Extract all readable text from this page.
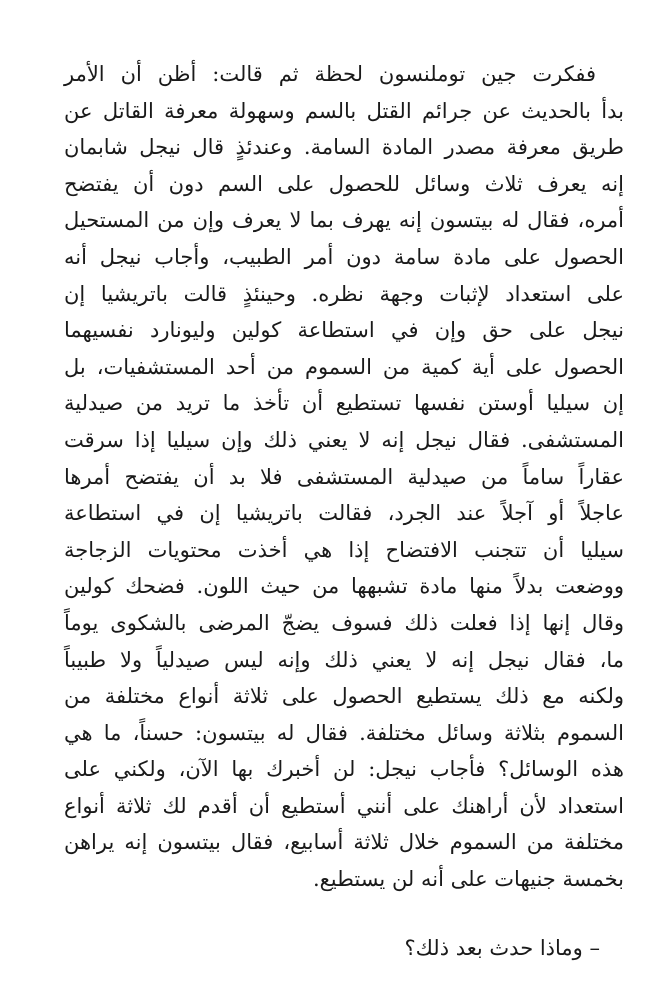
ففكرت جين توملنسون لحظة ثم قالت: أظن أن الأمر
بدأ بالحديث عن جرائم القتل بالسم وسهولة معرفة القاتل عن
طريق معرفة مصدر المادة السامة. وعندئذٍ قال نيجل شابمان
إنه يعرف ثلاث وسائل للحصول على السم دون أن يفتضح
أمره، فقال له بيتسون إنه يهرف بما لا يعرف وإن من المستحيل
الحصول على مادة سامة دون أمر الطبيب، وأجاب نيجل أنه
على استعداد لإثبات وجهة نظره. وحينئذٍ قالت باتريشيا إن
نيجل على حق وإن في استطاعة كولين وليونارد نفسيهما
الحصول على أية كمية من السموم من أحد المستشفيات، بل
إن سيليا أوستن نفسها تستطيع أن تأخذ ما تريد من صيدلية
المستشفى. فقال نيجل إنه لا يعني ذلك وإن سيليا إذا سرقت
عقاراً ساماً من صيدلية المستشفى فلا بد أن يفتضح أمرها
عاجلاً أو آجلاً عند الجرد، فقالت باتريشيا إن في استطاعة
سيليا أن تتجنب الافتضاح إذا هي أخذت محتويات الزجاجة
ووضعت بدلاً منها مادة تشبهها من حيث اللون. فضحك كولين
وقال إنها إذا فعلت ذلك فسوف يضجّ المرضى بالشكوى يوماً
ما، فقال نيجل إنه لا يعني ذلك وإنه ليس صيدلياً ولا طبيباً
ولكنه مع ذلك يستطيع الحصول على ثلاثة أنواع مختلفة من
السموم بثلاثة وسائل مختلفة. فقال له بيتسون: حسناً، ما هي
هذه الوسائل؟ فأجاب نيجل: لن أخبرك بها الآن، ولكني على
استعداد لأن أراهنك على أنني أستطيع أن أقدم لك ثلاثة أنواع
مختلفة من السموم خلال ثلاثة أسابيع، فقال بيتسون إنه يراهن
بخمسة جنيهات على أنه لن يستطيع.
– وماذا حدث بعد ذلك؟
